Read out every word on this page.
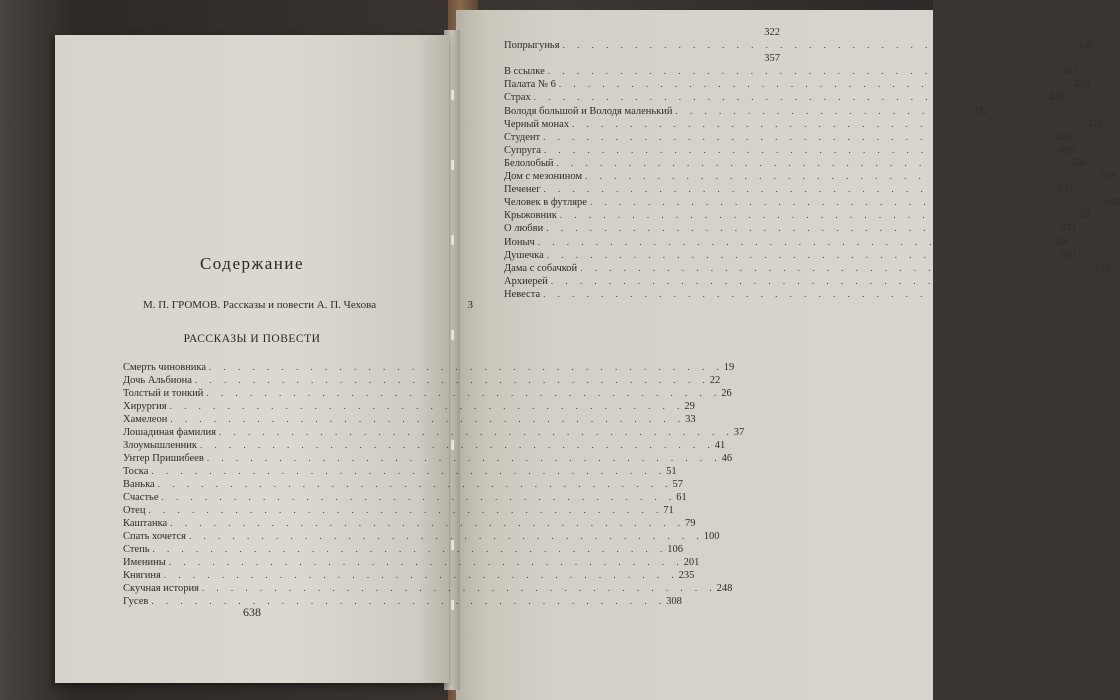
322
Попрыгунья . . . . . . . . . . . . . . . . . . . . . . . . . . . . . . . . . . . . 348
357
В ссылке . . . . . . . . . . . . . . . . . . . . . . . . . . . . . . . . . . . . 413
Палата № 6 . . . . . . . . . . . . . . . . . . . . . . . . . . . . . . . . . . . . 426
Страх . . . . . . . . . . . . . . . . . . . . . . . . . . . . . . . . . . . . 439
Володя большой и Володя маленький . . . . . . . . . . . . . . . . . . . . . 472
Черный монах . . . . . . . . . . . . . . . . . . . . . . . . . . . . . . . . . . . . 476
Студент . . . . . . . . . . . . . . . . . . . . . . . . . . . . . . . . . . . . 483
Супруга . . . . . . . . . . . . . . . . . . . . . . . . . . . . . . . . . . . . 489
Белолобый . . . . . . . . . . . . . . . . . . . . . . . . . . . . . . . . . . . . 508
Дом с мезонином . . . . . . . . . . . . . . . . . . . . . . . . . . . . . . . . . . . . 518
Печенег . . . . . . . . . . . . . . . . . . . . . . . . . . . . . . . . . . . . 531
Человек в футляре . . . . . . . . . . . . . . . . . . . . . . . . . . . . . . . . . . . . 542
Крыжовник . . . . . . . . . . . . . . . . . . . . . . . . . . . . . . . . . . . . 552
О любви . . . . . . . . . . . . . . . . . . . . . . . . . . . . . . . . . . . . 571
Ионыч . . . . . . . . . . . . . . . . . . . . . . . . . . . . . . . . . . . . 584
Душечка . . . . . . . . . . . . . . . . . . . . . . . . . . . . . . . . . . . . 601
Дама с собачкой . . . . . . . . . . . . . . . . . . . . . . . . . . . . . . . . . . . . 618
Архиерей . . . . . . . . . . . . . . . . . . . . . . . . . . . . . . . . . . . .
Невеста . . . . . . . . . . . . . . . . . . . . . . . . . . . . . . . . . . . .
Содержание
М. П. ГРОМОВ. Рассказы и повести А. П. Чехова	3
РАССКАЗЫ И ПОВЕСТИ
Смерть чиновника . . . . . . . . . . . . . . . . . . . . . . . . . . . . . . . . . . . . 19
Дочь Альбиона . . . . . . . . . . . . . . . . . . . . . . . . . . . . . . . . . . . . 22
Толстый и тонкий . . . . . . . . . . . . . . . . . . . . . . . . . . . . . . . . . . . . 26
Хирургия . . . . . . . . . . . . . . . . . . . . . . . . . . . . . . . . . . . . 29
Хамелеон . . . . . . . . . . . . . . . . . . . . . . . . . . . . . . . . . . . . 33
Лошадиная фамилия . . . . . . . . . . . . . . . . . . . . . . . . . . . . . . . . . . . . 37
Злоумышленник . . . . . . . . . . . . . . . . . . . . . . . . . . . . . . . . . . . . 41
Унтер Пришибеев . . . . . . . . . . . . . . . . . . . . . . . . . . . . . . . . . . . . 46
Тоска . . . . . . . . . . . . . . . . . . . . . . . . . . . . . . . . . . . . 51
Ванька . . . . . . . . . . . . . . . . . . . . . . . . . . . . . . . . . . . . 57
Счастье . . . . . . . . . . . . . . . . . . . . . . . . . . . . . . . . . . . . 61
Отец . . . . . . . . . . . . . . . . . . . . . . . . . . . . . . . . . . . . 71
Каштанка . . . . . . . . . . . . . . . . . . . . . . . . . . . . . . . . . . . . 79
Спать хочется . . . . . . . . . . . . . . . . . . . . . . . . . . . . . . . . . . . . 100
Степь . . . . . . . . . . . . . . . . . . . . . . . . . . . . . . . . . . . . 106
Именины . . . . . . . . . . . . . . . . . . . . . . . . . . . . . . . . . . . . 201
Княгиня . . . . . . . . . . . . . . . . . . . . . . . . . . . . . . . . . . . . 235
Скучная история . . . . . . . . . . . . . . . . . . . . . . . . . . . . . . . . . . . . 248
Гусев . . . . . . . . . . . . . . . . . . . . . . . . . . . . . . . . . . . . 308
638
